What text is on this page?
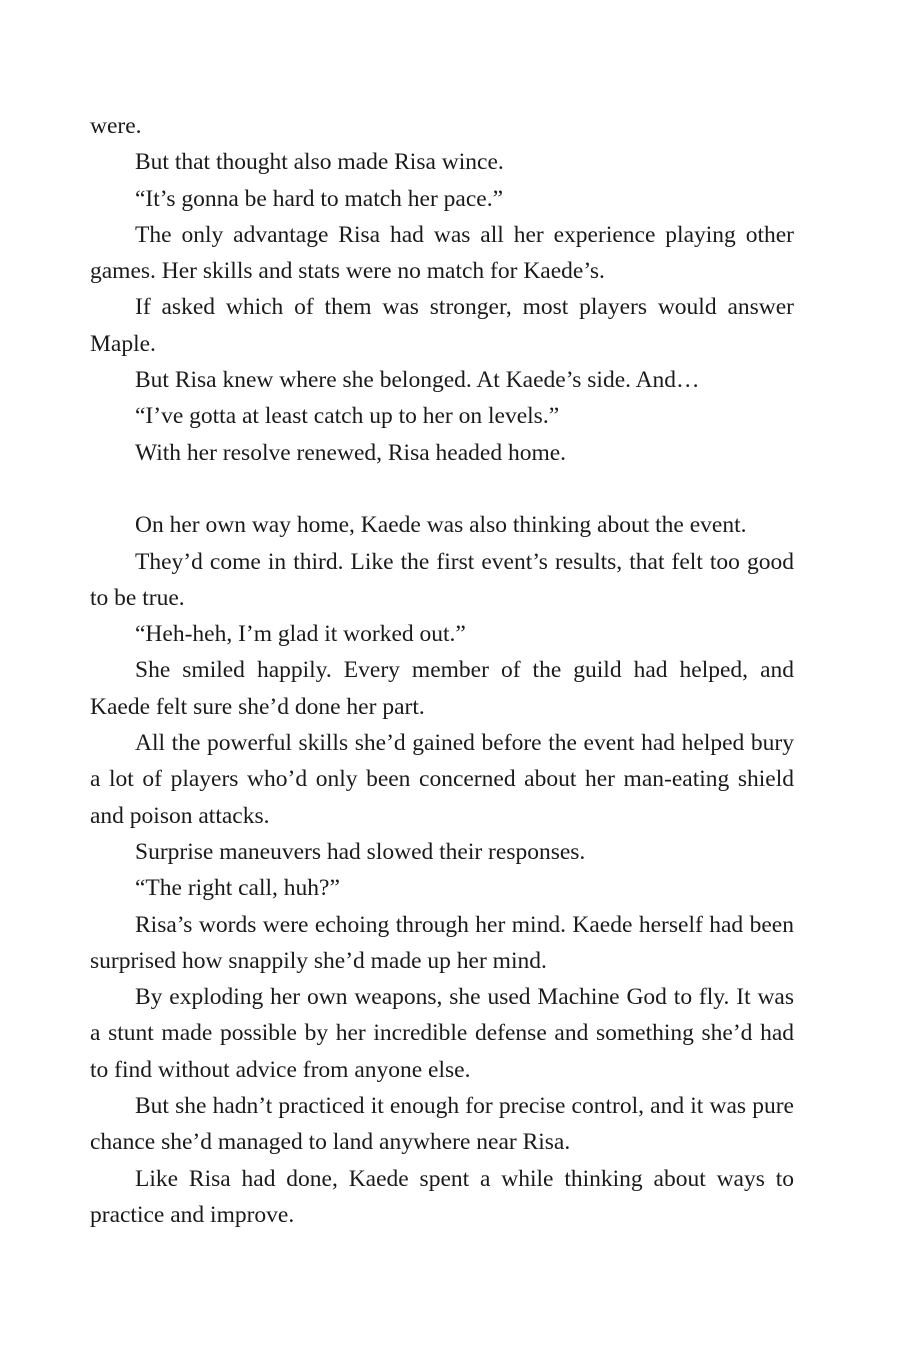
were.

But that thought also made Risa wince.

“It’s gonna be hard to match her pace.”

The only advantage Risa had was all her experience playing other games. Her skills and stats were no match for Kaede’s.

If asked which of them was stronger, most players would answer Maple.

But Risa knew where she belonged. At Kaede’s side. And…

“I’ve gotta at least catch up to her on levels.”

With her resolve renewed, Risa headed home.

On her own way home, Kaede was also thinking about the event.

They’d come in third. Like the first event’s results, that felt too good to be true.

“Heh-heh, I’m glad it worked out.”

She smiled happily. Every member of the guild had helped, and Kaede felt sure she’d done her part.

All the powerful skills she’d gained before the event had helped bury a lot of players who’d only been concerned about her man-eating shield and poison attacks.

Surprise maneuvers had slowed their responses.

“The right call, huh?”

Risa’s words were echoing through her mind. Kaede herself had been surprised how snappily she’d made up her mind.

By exploding her own weapons, she used Machine God to fly. It was a stunt made possible by her incredible defense and something she’d had to find without advice from anyone else.

But she hadn’t practiced it enough for precise control, and it was pure chance she’d managed to land anywhere near Risa.

Like Risa had done, Kaede spent a while thinking about ways to practice and improve.
